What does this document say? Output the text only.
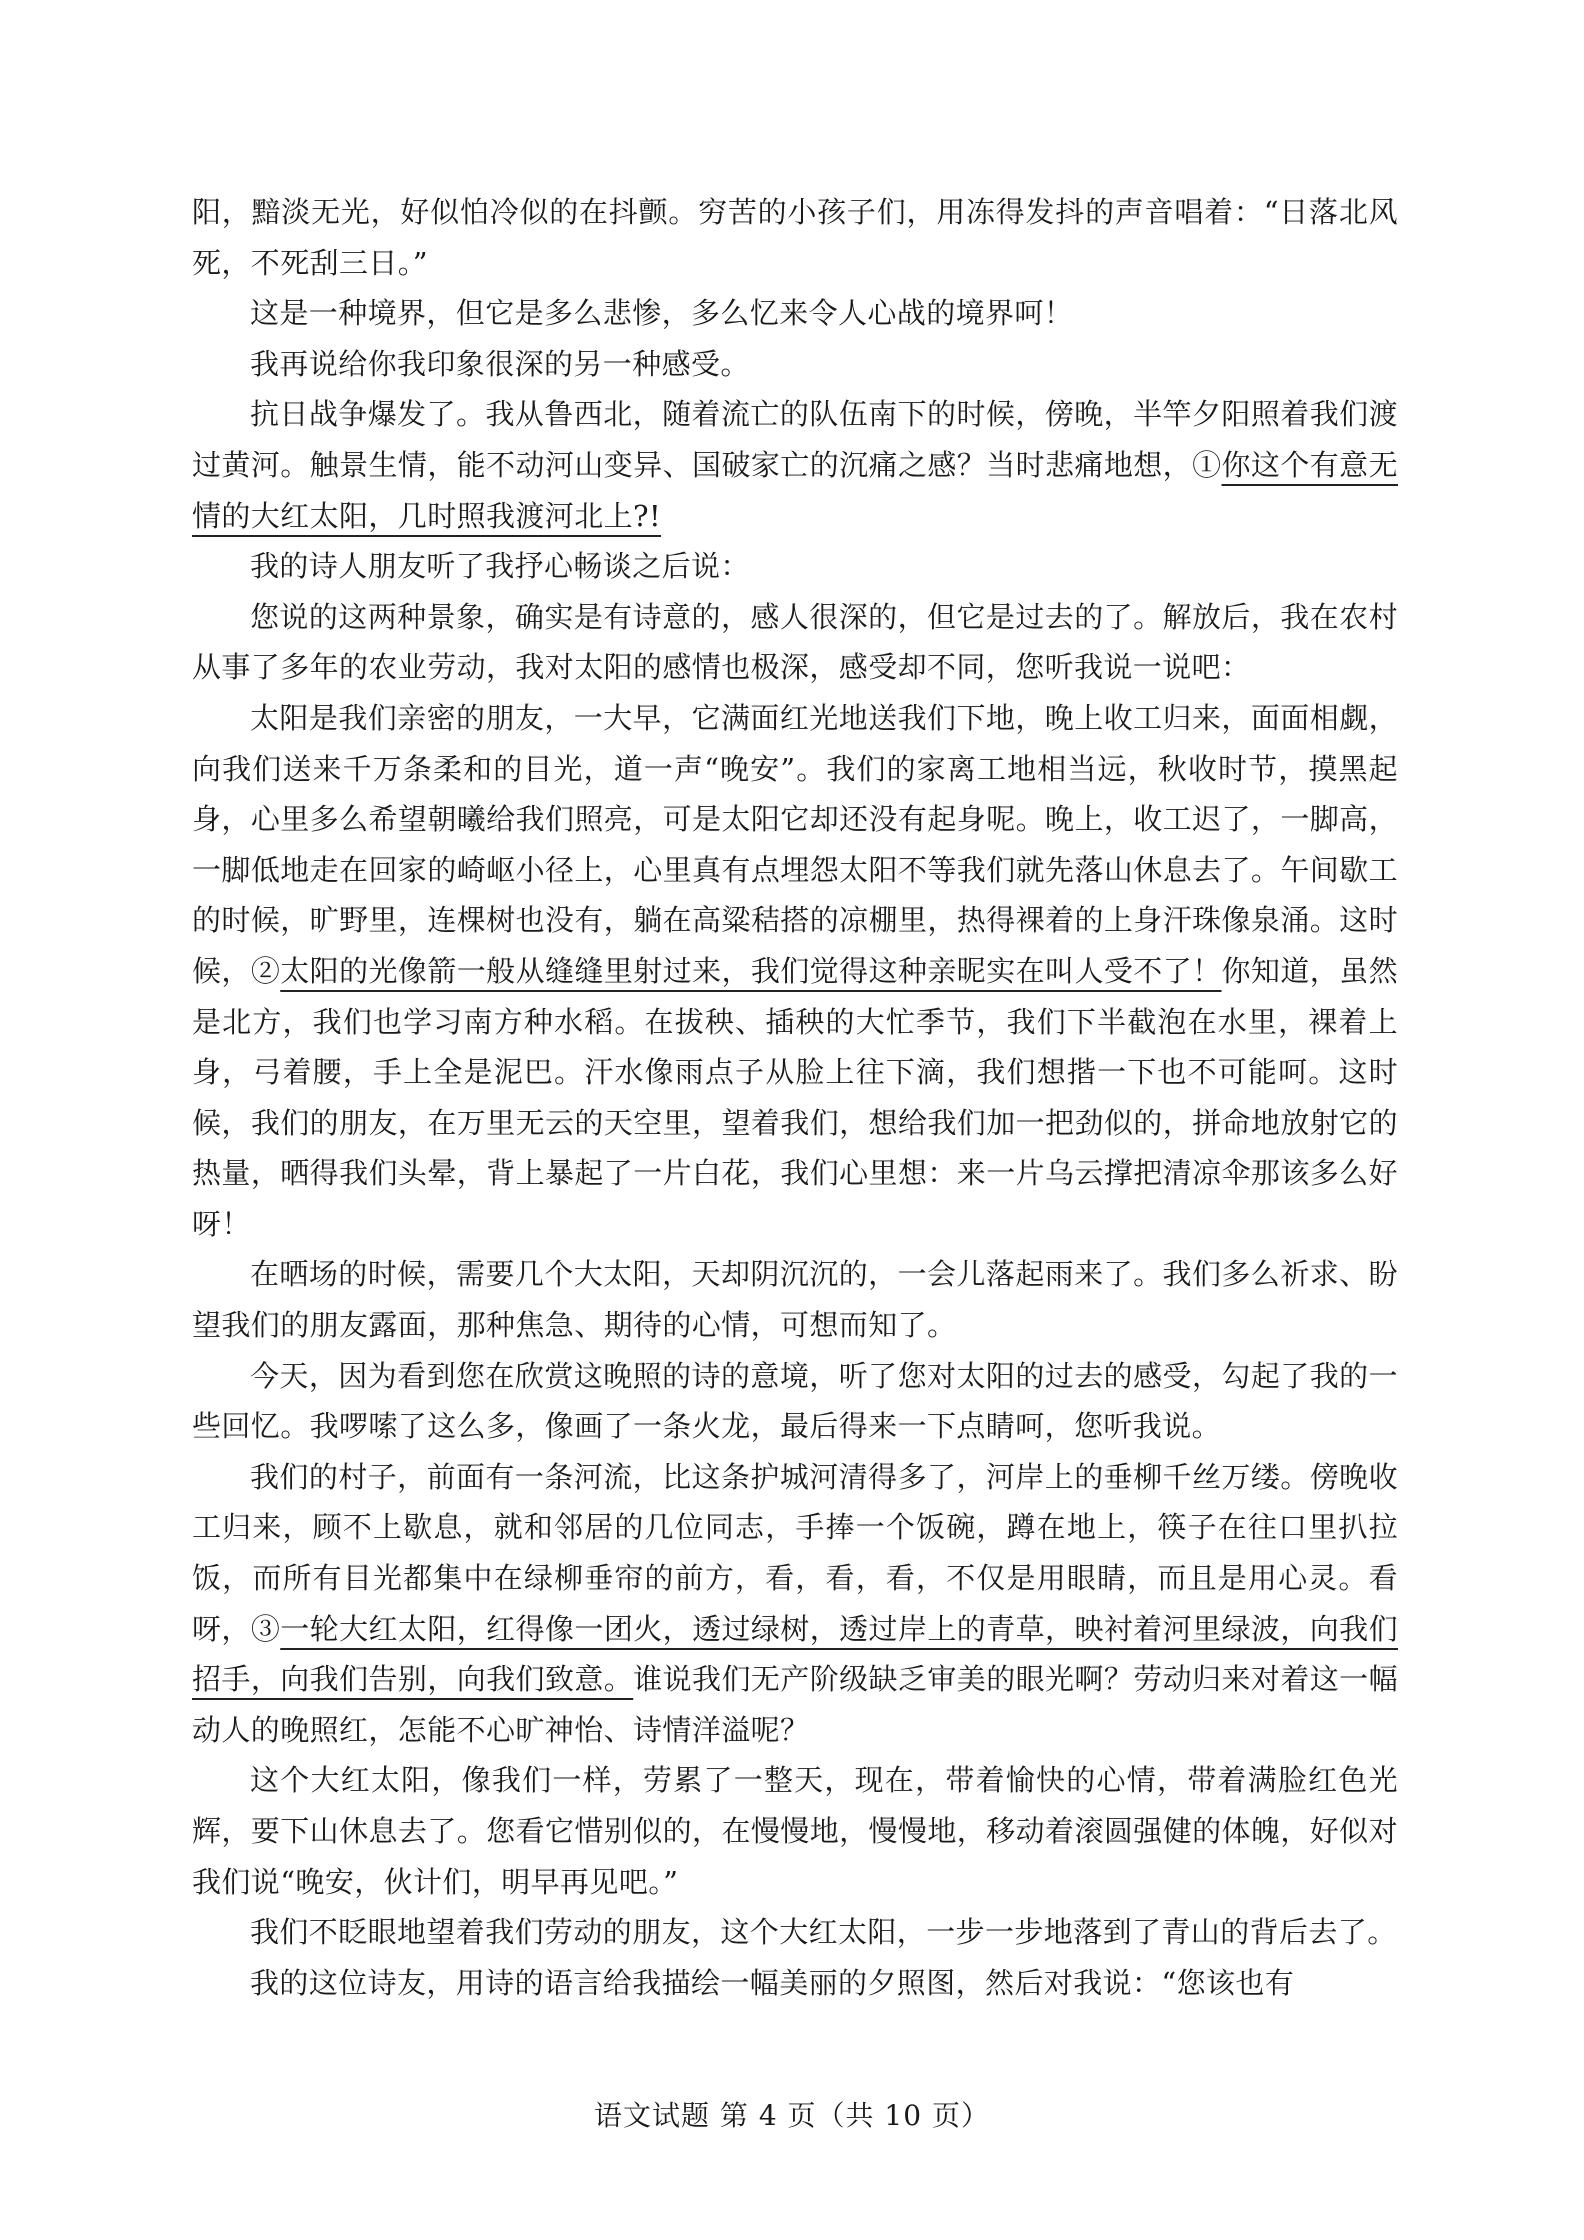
阳，黯淡无光，好似怕冷似的在抖颤。穷苦的小孩子们，用冻得发抖的声音唱着：“日落北风死，不死刮三日。”

这是一种境界，但它是多么悲惨，多么忆来令人心战的境界呵！

我再说给你我印象很深的另一种感受。

抗日战争爆发了。我从鲁西北，随着流亡的队伍南下的时候，傍晚，半竿夕阳照着我们渡过黄河。触景生情，能不动河山变异、国破家亡的沉痛之感？当时悲痛地想，①你这个有意无情的大红太阳，几时照我渡河北上?!

我的诗人朋友听了我抒心畅谈之后说：

您说的这两种景象，确实是有诗意的，感人很深的，但它是过去的了。解放后，我在农村从事了多年的农业劳动，我对太阳的感情也极深，感受却不同，您听我说一说吧：

太阳是我们亲密的朋友，一大早，它满面红光地送我们下地，晚上收工归来，面面相觑，向我们送来千万条柔和的目光，道一声“晚安”。我们的家离工地相当远，秋收时节，摸黑起身，心里多么希望朝曦给我们照亮，可是太阳它却还没有起身呢。晚上，收工迟了，一脚高，一脚低地走在回家的崎岖小径上，心里真有点埋怨太阳不等我们就先落山休息去了。午间歇工的时候，旷野里，连棵树也没有，躺在高粱秸搭的凉棚里，热得裸着的上身汗珠像泉涌。这时候，②太阳的光像箭一般从缝缝里射过来，我们觉得这种亲昵实在叫人受不了！你知道，虽然是北方，我们也学习南方种水稻。在拔秧、插秧的大忙季节，我们下半截泡在水里，裸着上身，弓着腰，手上全是泥巴。汗水像雨点子从脸上往下滴，我们想揩一下也不可能呵。这时候，我们的朋友，在万里无云的天空里，望着我们，想给我们加一把劲似的，拼命地放射它的热量，晒得我们头晕，背上暴起了一片白花，我们心里想：来一片乌云撑把清凉伞那该多么好呀！

在晒场的时候，需要几个大太阳，天却阴沉沉的，一会儿落起雨来了。我们多么祈求、盼望我们的朋友露面，那种焦急、期待的心情，可想而知了。

今天，因为看到您在欣赏这晚照的诗的意境，听了您对太阳的过去的感受，勾起了我的一些回忆。我啰嗦了这么多，像画了一条火龙，最后得来一下点睛呵，您听我说。

我们的村子，前面有一条河流，比这条护城河清得多了，河岸上的垂柳千丝万缕。傍晚收工归来，顾不上歇息，就和邻居的几位同志，手捧一个饭碗，蹲在地上，筷子在往口里扒拉饭，而所有目光都集中在绿柳垂帘的前方，看，看，看，不仅是用眼睛，而且是用心灵。看呀，③一轮大红太阳，红得像一团火，透过绿树，透过岸上的青草，映衬着河里绿波，向我们招手，向我们告别，向我们致意。谁说我们无产阶级缺乏审美的眼光啊？劳动归来对着这一幅动人的晚照红，怎能不心旷神怡、诗情洋溢呢？

这个大红太阳，像我们一样，劳累了一整天，现在，带着愉快的心情，带着满脸红色光辉，要下山休息去了。您看它惜别似的，在慢慢地，慢慢地，移动着滚圆强健的体魄，好似对我们说“晚安，伙计们，明早再见吧。”

我们不眨眼地望着我们劳动的朋友，这个大红太阳，一步一步地落到了青山的背后去了。

我的这位诗友，用诗的语言给我描绘一幅美丽的夕照图，然后对我说：“您该也有

语文试题 第 4 页（共 10 页）
